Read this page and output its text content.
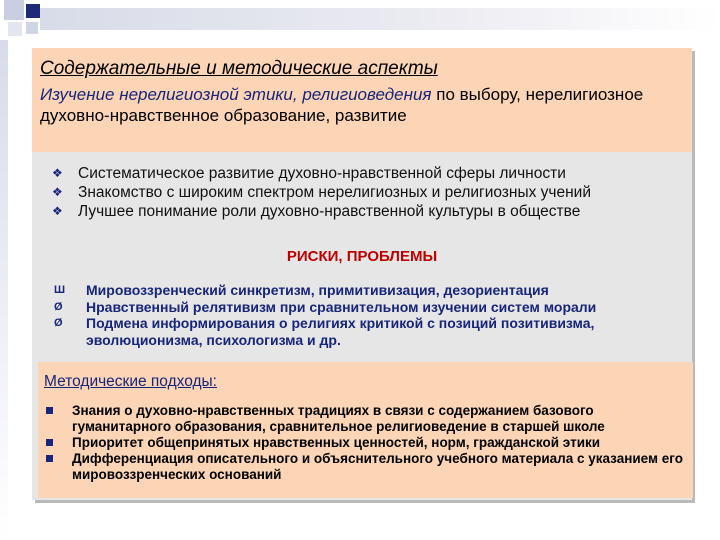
Содержательные и методические аспекты
Изучение нерелигиозной этики, религиоведения по выбору, нерелигиозное духовно-нравственное образование, развитие
❖ Систематическое развитие духовно-нравственной сферы личности
❖ Знакомство с широким спектром нерелигиозных и религиозных учений
❖ Лучшее понимание роли духовно-нравственной культуры в обществе
РИСКИ, ПРОБЛЕМЫ
Ш	Мировоззренческий синкретизм, примитивизация, дезориентация
Ø	Нравственный релятивизм при сравнительном изучении систем морали
Ø	Подмена информирования о религиях критикой с позиций позитивизма, эволюционизма, психологизма и др.
Методические подходы:
Знания о духовно-нравственных традициях в связи с содержанием базового гуманитарного образования, сравнительное религиоведение в старшей школе
Приоритет общепринятых нравственных ценностей, норм, гражданской этики
Дифференциация описательного и объяснительного учебного материала с указанием его мировоззренческих оснований
